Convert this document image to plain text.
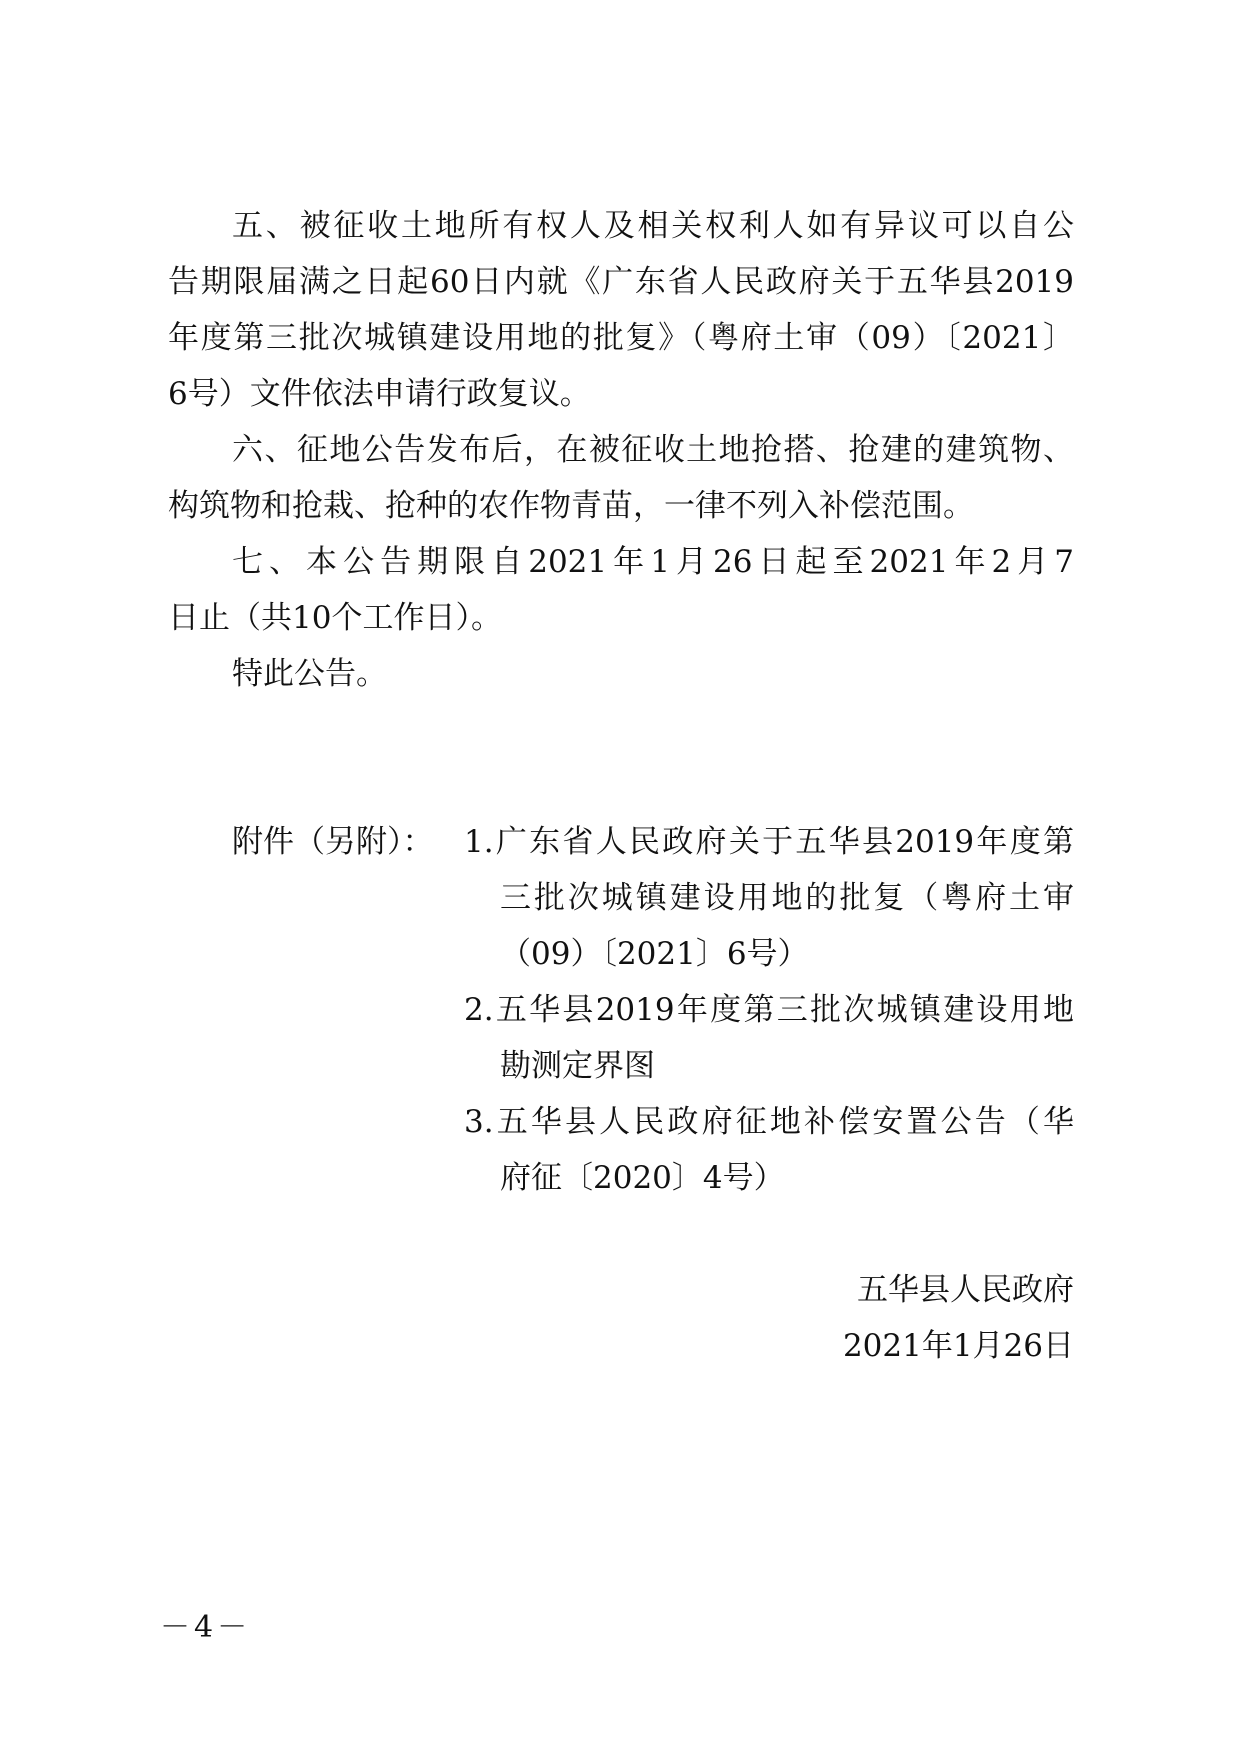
五、被征收土地所有权人及相关权利人如有异议可以自公

告期限届满之日起60日内就《广东省人民政府关于五华县2019

年度第三批次城镇建设用地的批复》（粤府土审（09）〔2021〕

6号）文件依法申请行政复议。

六、征地公告发布后，在被征收土地抢搭、抢建的建筑物、

构筑物和抢栽、抢种的农作物青苗，一律不列入补偿范围。

七、本公告期限自2021年1月26日起至2021年2月7

日止（共10个工作日）。

特此公告。

附件（另附）： 1.广东省人民政府关于五华县2019年度第

三批次城镇建设用地的批复（粤府土审

（09）〔2021〕6号）

2.五华县2019年度第三批次城镇建设用地

勘测定界图

3.五华县人民政府征地补偿安置公告（华

府征〔2020〕4号）

五华县人民政府

2021年1月26日

－4－
